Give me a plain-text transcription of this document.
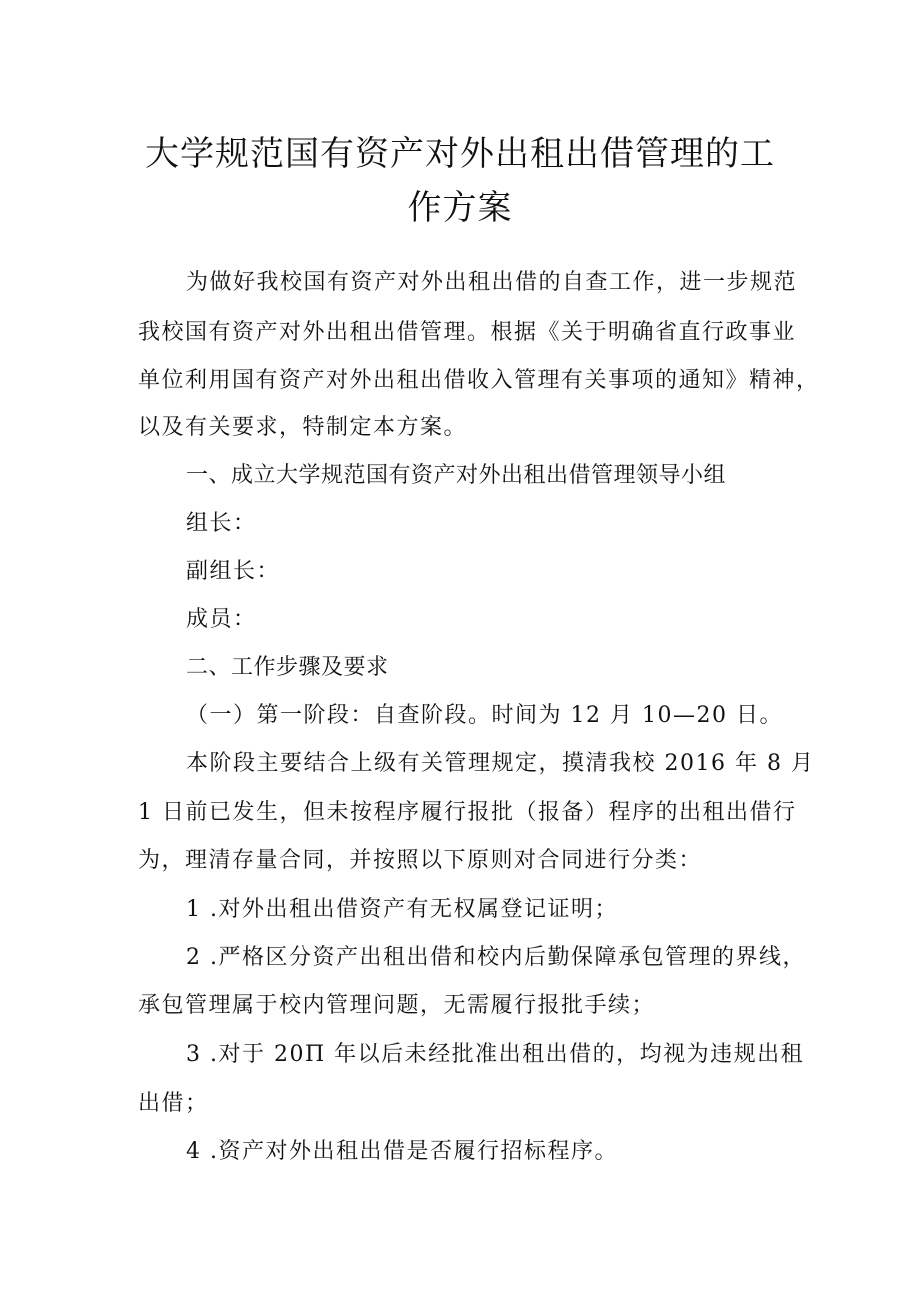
大学规范国有资产对外出租出借管理的工
作方案

为做好我校国有资产对外出租出借的自查工作，进一步规范

我校国有资产对外出租出借管理。根据《关于明确省直行政事业

单位利用国有资产对外出租出借收入管理有关事项的通知》精神，

以及有关要求，特制定本方案。

一、成立大学规范国有资产对外出租出借管理领导小组

组长：

副组长：

成员：

二、工作步骤及要求

（一）第一阶段：自查阶段。时间为 12 月 10—20 日。

本阶段主要结合上级有关管理规定，摸清我校 2016 年 8 月

1 日前已发生，但未按程序履行报批（报备）程序的出租出借行

为，理清存量合同，并按照以下原则对合同进行分类：

1 .对外出租出借资产有无权属登记证明；

2 .严格区分资产出租出借和校内后勤保障承包管理的界线，

承包管理属于校内管理问题，无需履行报批手续；

3 .对于 20П 年以后未经批准出租出借的，均视为违规出租

出借；

4 .资产对外出租出借是否履行招标程序。
